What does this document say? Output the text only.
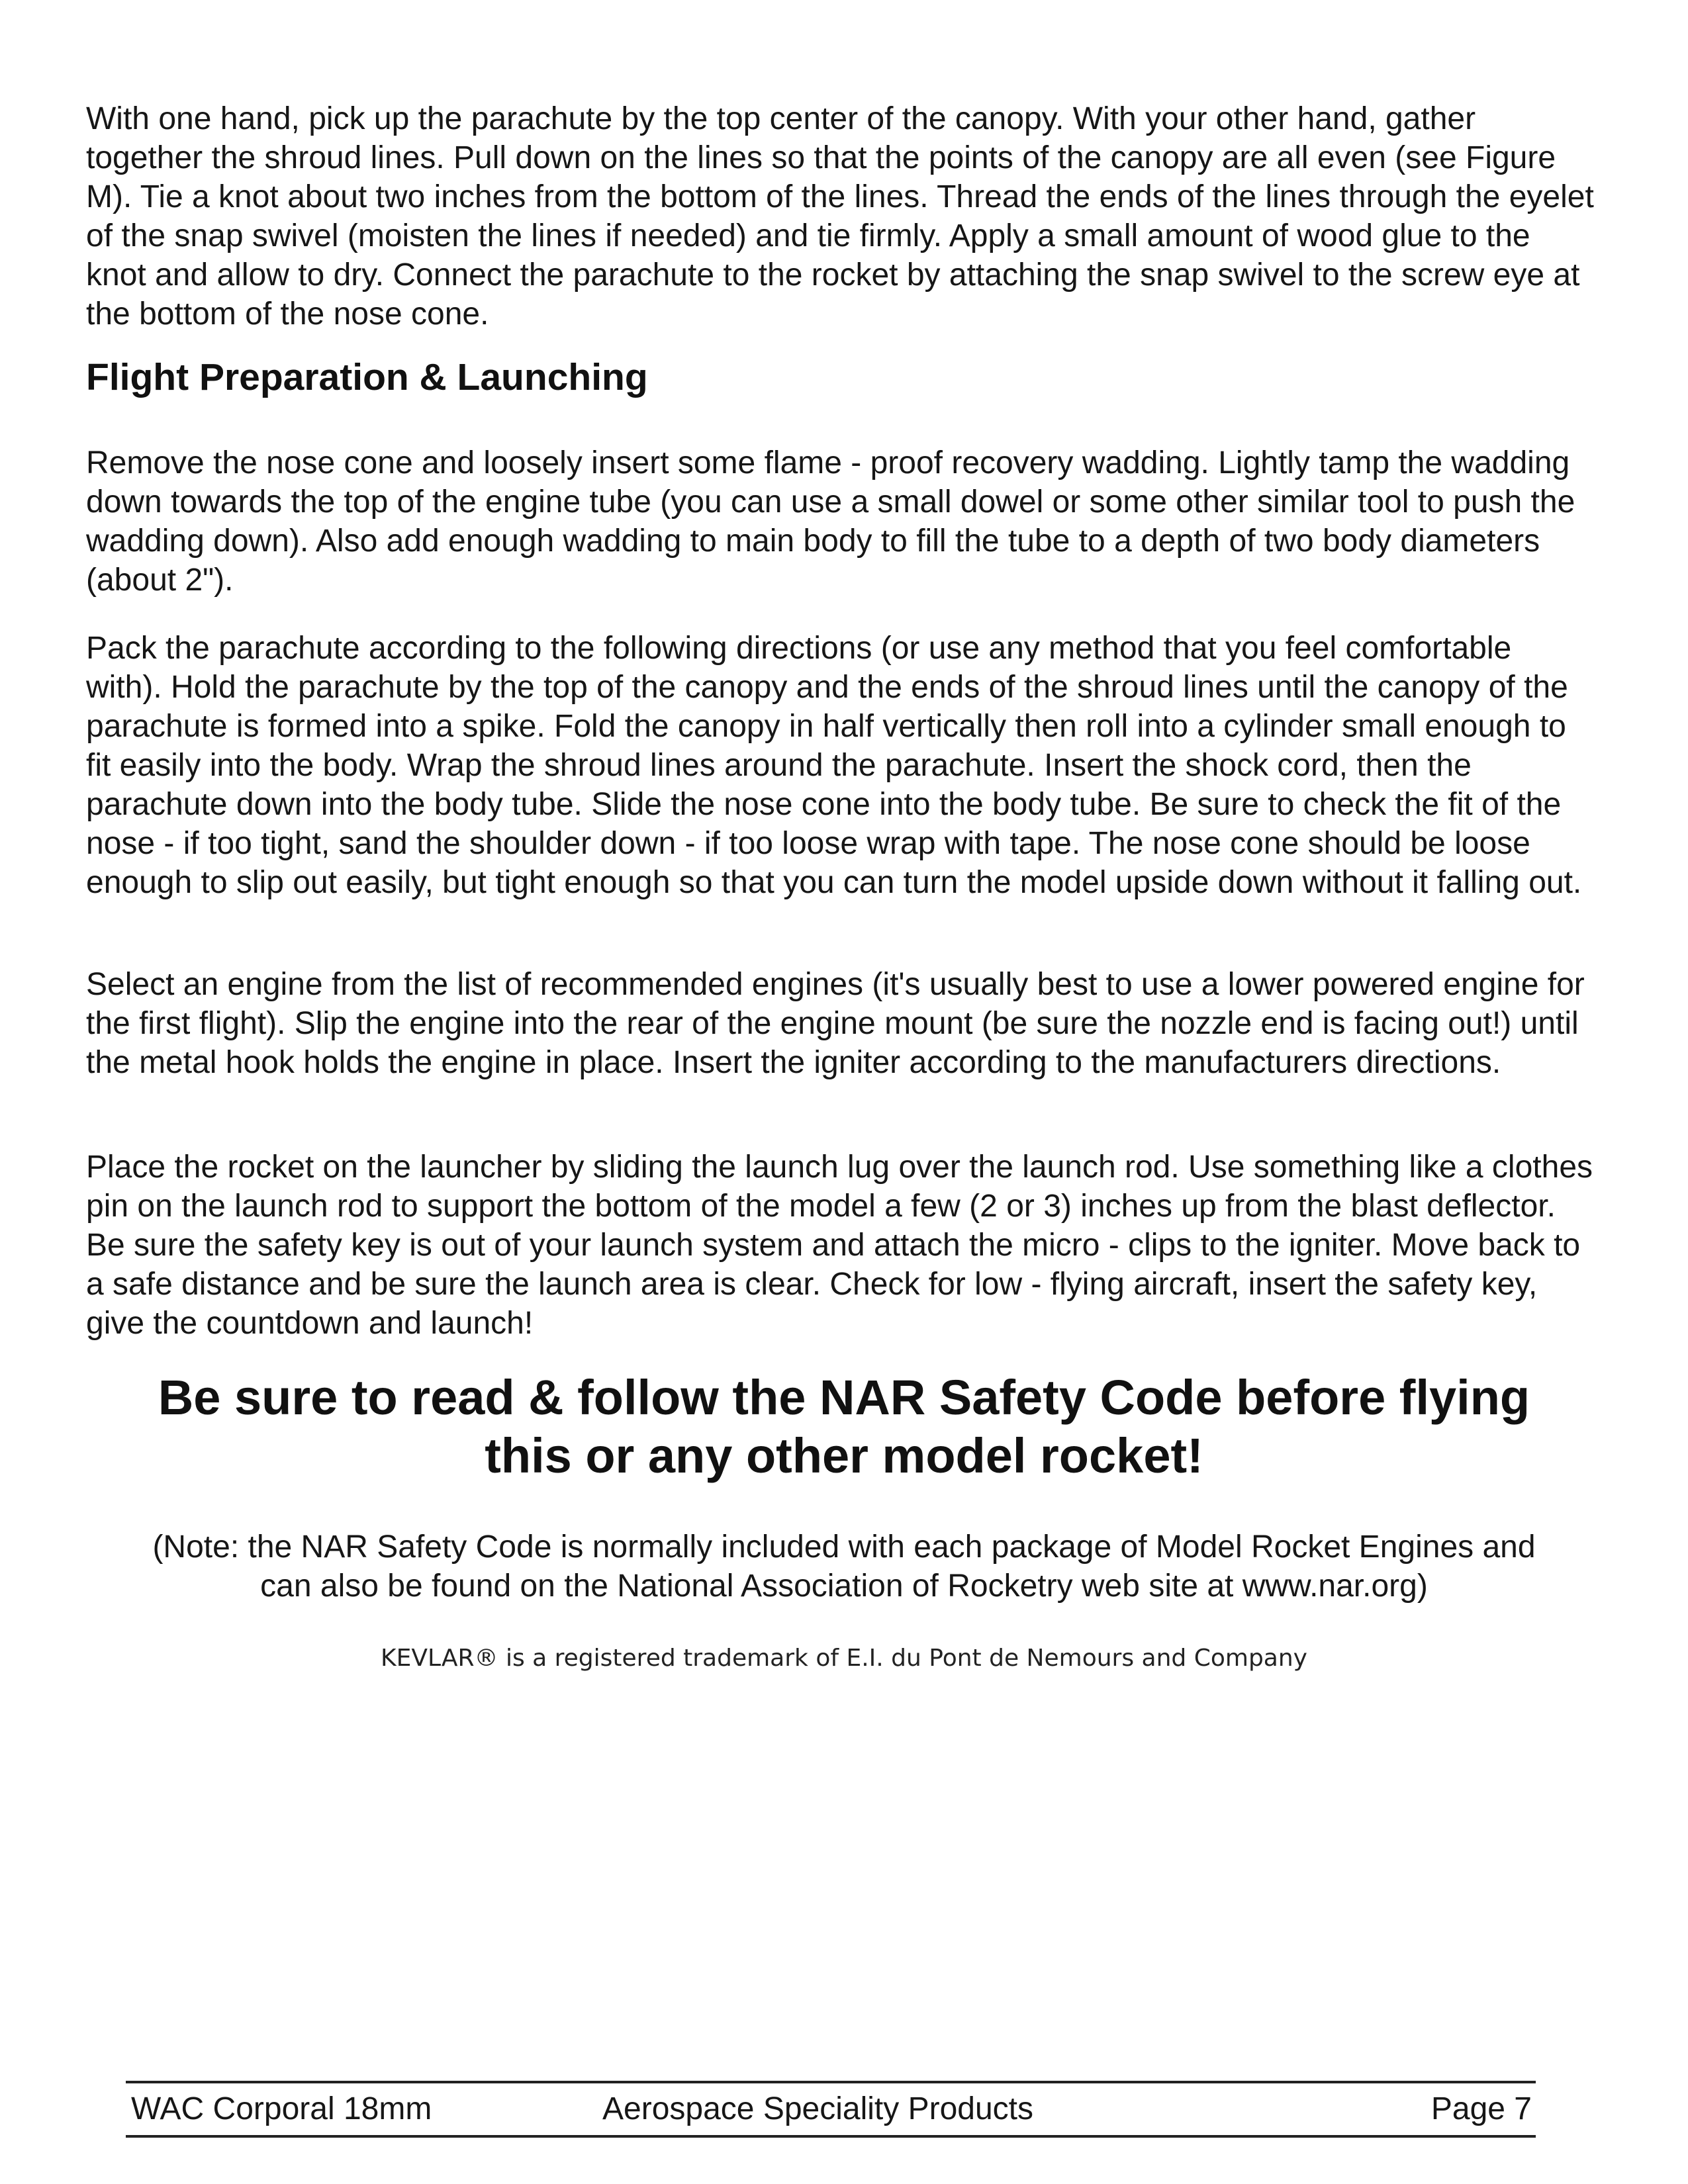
With one hand, pick up the parachute by the top center of the canopy. With your other hand, gather together the shroud lines. Pull down on the lines so that the points of the canopy are all even (see Figure M). Tie a knot about two inches from the bottom of the lines. Thread the ends of the lines through the eyelet of the snap swivel (moisten the lines if needed) and tie firmly. Apply a small amount of wood glue to the knot and allow to dry. Connect the parachute to the rocket by attaching the snap swivel to the screw eye at the bottom of the nose cone.

Flight Preparation & Launching

Remove the nose cone and loosely insert some flame - proof recovery wadding. Lightly tamp the wadding down towards the top of the engine tube (you can use a small dowel or some other similar tool to push the wadding down). Also add enough wadding to main body to fill the tube to a depth of two body diameters (about 2").

Pack the parachute according to the following directions (or use any method that you feel comfortable with). Hold the parachute by the top of the canopy and the ends of the shroud lines until the canopy of the parachute is formed into a spike. Fold the canopy in half vertically then roll into a cylinder small enough to fit easily into the body. Wrap the shroud lines around the parachute. Insert the shock cord, then the parachute down into the body tube. Slide the nose cone into the body tube. Be sure to check the fit of the nose - if too tight, sand the shoulder down - if too loose wrap with tape. The nose cone should be loose enough to slip out easily, but tight enough so that you can turn the model upside down without it falling out.

Select an engine from the list of recommended engines (it's usually best to use a lower powered engine for the first flight). Slip the engine into the rear of the engine mount (be sure the nozzle end is facing out!) until the metal hook holds the engine in place. Insert the igniter according to the manufacturers directions.

Place the rocket on the launcher by sliding the launch lug over the launch rod. Use something like a clothes pin on the launch rod to support the bottom of the model a few (2 or 3) inches up from the blast deflector. Be sure the safety key is out of your launch system and attach the micro - clips to the igniter. Move back to a safe distance and be sure the launch area is clear. Check for low - flying aircraft, insert the safety key, give the countdown and launch!

Be sure to read & follow the NAR Safety Code before flying
this or any other model rocket!
(Note: the NAR Safety Code is normally included with each package of Model Rocket Engines and
can also be found on the National Association of Rocketry web site at www.nar.org)

KEVLAR® is a registered trademark of E.I. du Pont de Nemours and Company

WAC Corporal 18mm	Aerospace Speciality Products	Page 7
